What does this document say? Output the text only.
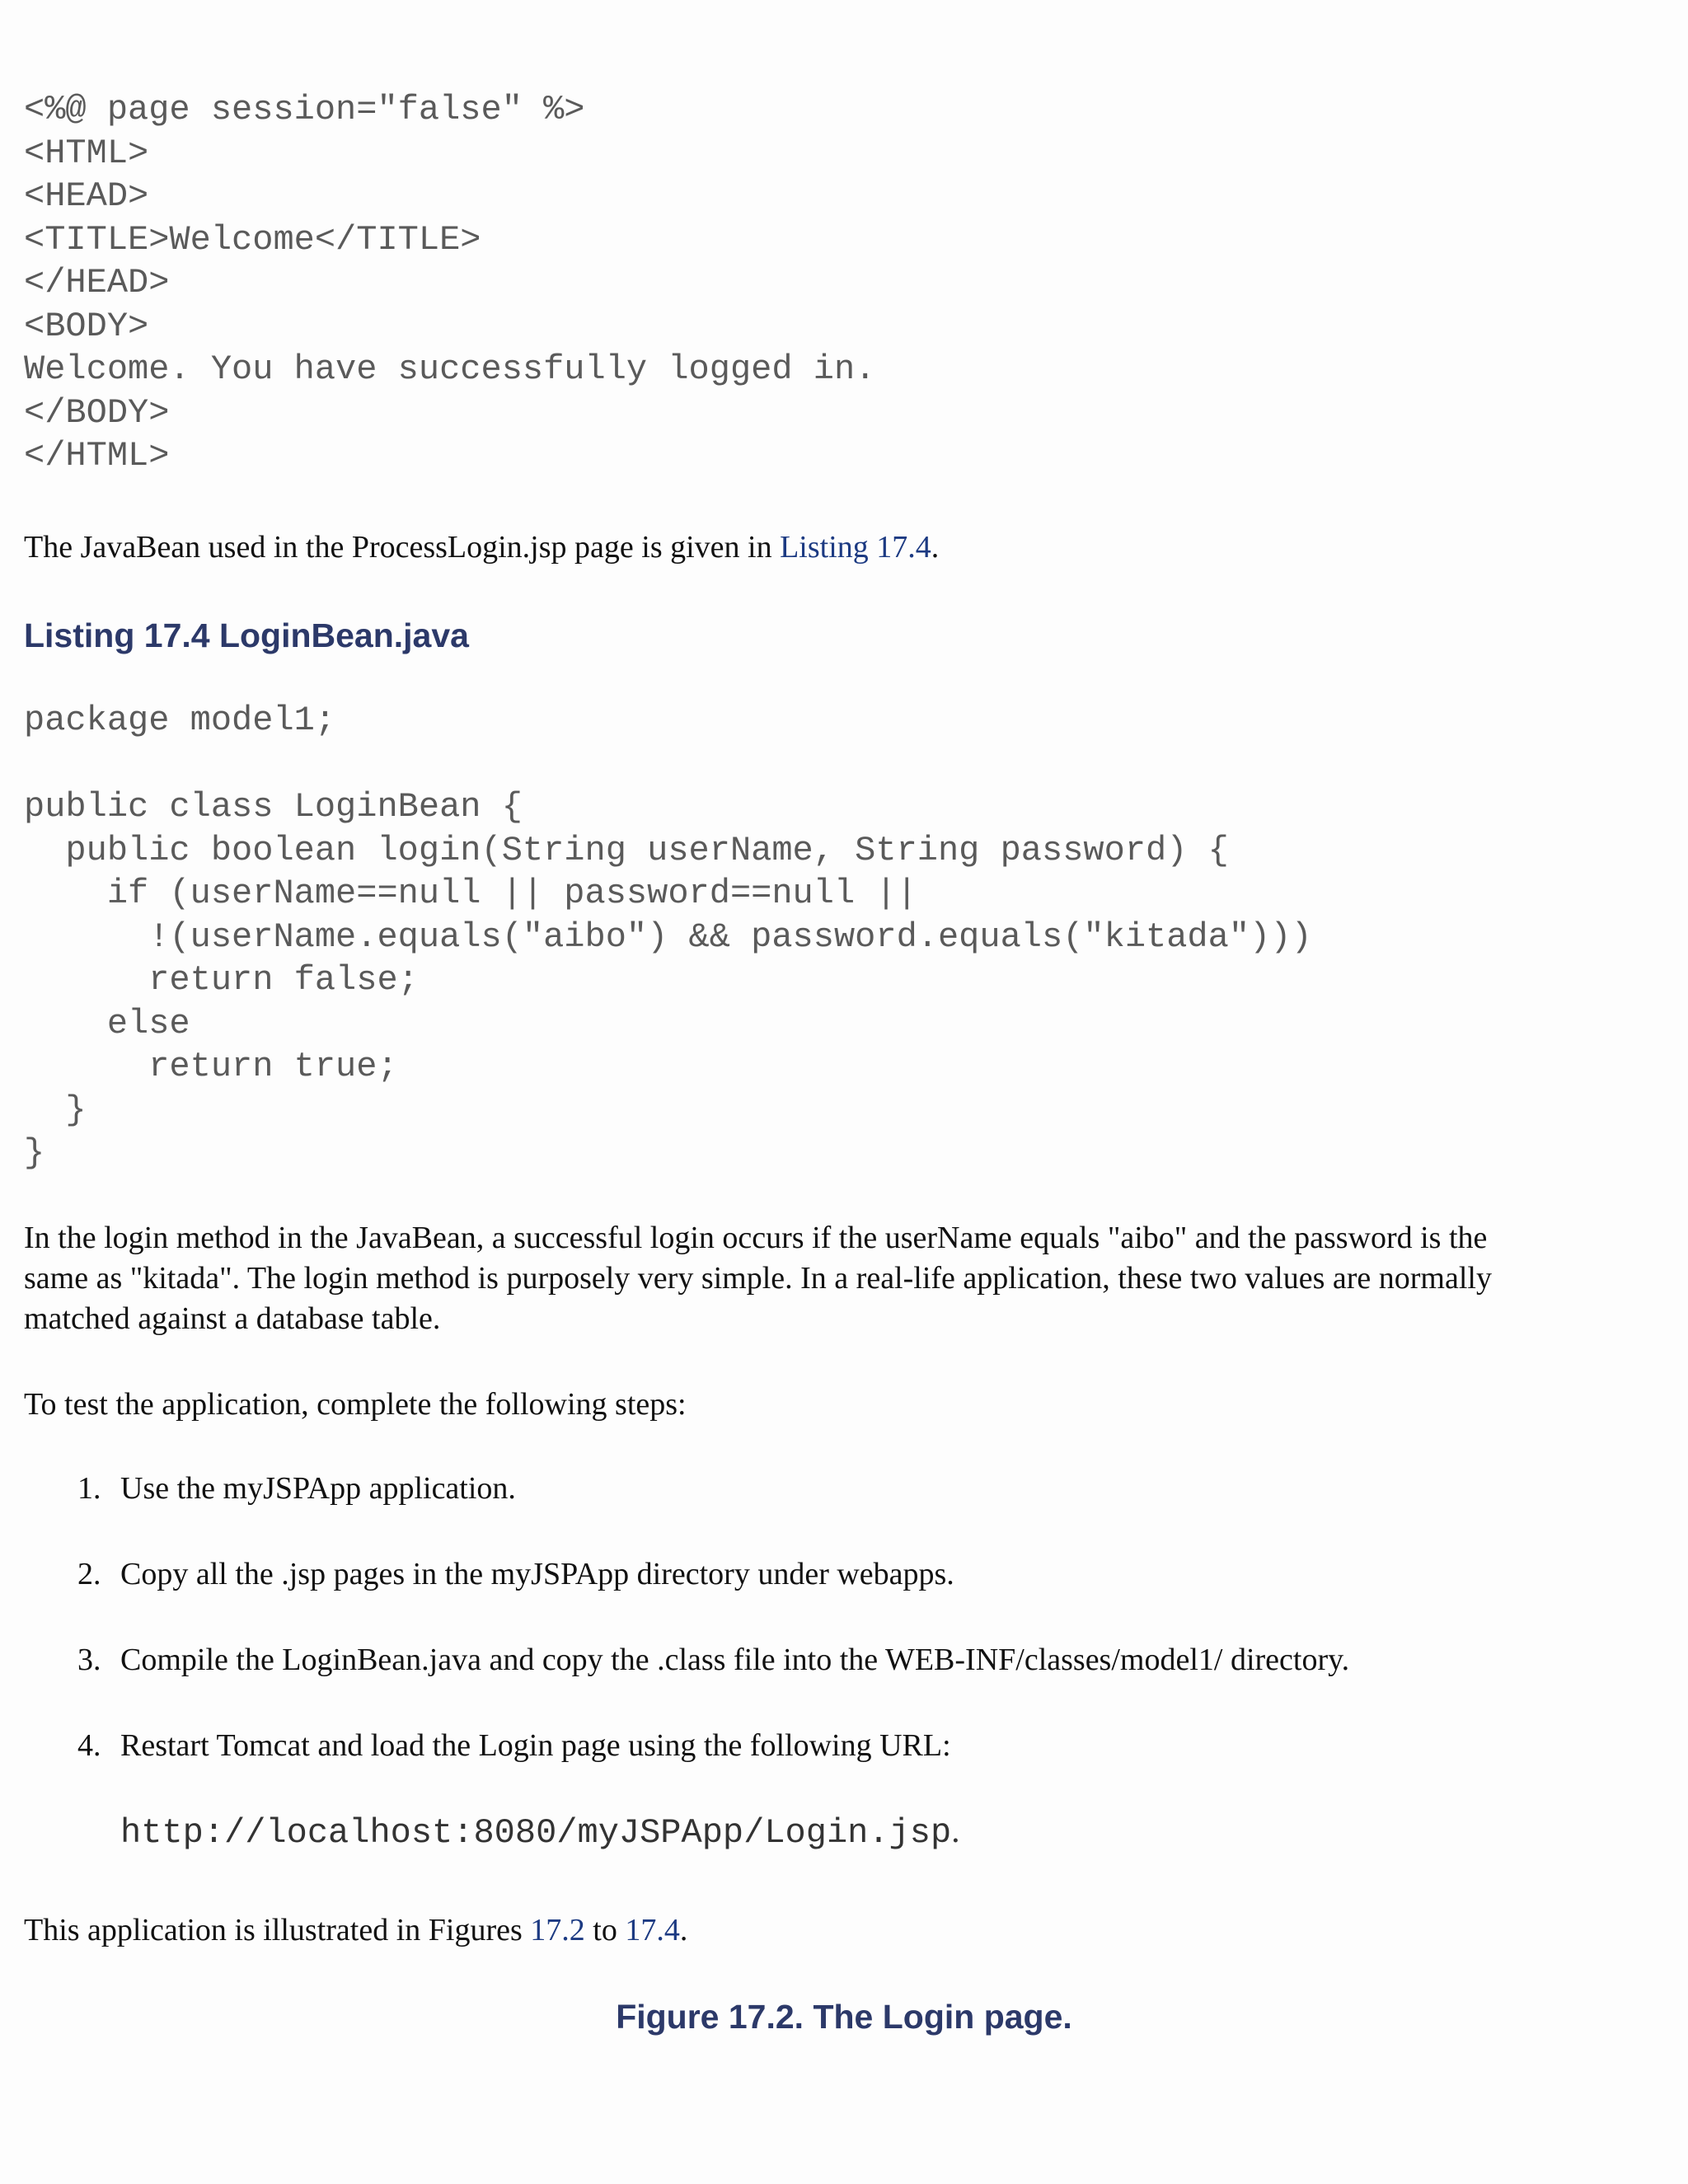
<%@ page session="false" %>
<HTML>
<HEAD>
<TITLE>Welcome</TITLE>
</HEAD>
<BODY>
Welcome. You have successfully logged in.
</BODY>
</HTML>

The JavaBean used in the ProcessLogin.jsp page is given in Listing 17.4.

Listing 17.4 LoginBean.java
package model1;

public class LoginBean {
public boolean login(String userName, String password) {
if (userName==null || password==null ||
!(userName.equals("aibo") && password.equals("kitada")))
return false;
else
return true;
}
}
In the login method in the JavaBean, a successful login occurs if the userName equals "aibo" and the password is the
same as "kitada". The login method is purposely very simple. In a real-life application, these two values are normally
matched against a database table.

To test the application, complete the following steps:

1. Use the myJSPApp application.
2. Copy all the .jsp pages in the myJSPApp directory under webapps.
3. Compile the LoginBean.java and copy the .class file into the WEB-INF/classes/model1/ directory.
4. Restart Tomcat and load the Login page using the following URL:
http://localhost:8080/myJSPApp/Login.jsp.

This application is illustrated in Figures 17.2 to 17.4.

Figure 17.2. The Login page.
